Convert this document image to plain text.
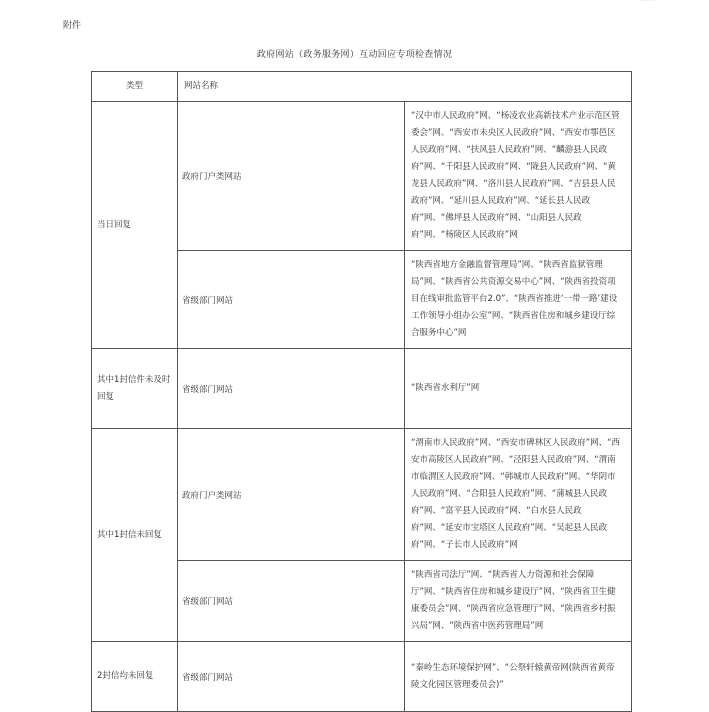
附件
政府网站（政务服务网）互动回应专项检查情况
类型	网站名称	
当日回复	政府门户类网站	“汉中市人民政府”网、“杨凌农业高新技术产业示范区管委会”网、“西安市未央区人民政府”网、“西安市鄠邑区人民政府”网、“扶风县人民政府”网、“麟游县人民政府”网、“千阳县人民政府”网、“陇县人民政府”网、“黄龙县人民政府”网、“洛川县人民政府”网、“吉县县人民政府”网、“延川县人民政府”网、“延长县人民政府”网、“佛坪县人民政府”网、“山阳县人民政府”网、“杨陵区人民政府”网
	省级部门网站	“陕西省地方金融监督管理局”网、“陕西省监狱管理局”网、“陕西省公共资源交易中心”网、“陕西省投资项目在线审批监管平台2.0”、“陕西省推进‘一带一路’建设工作领导小组办公室”网、“陕西省住房和城乡建设厅综合服务中心”网
其中1封信件未及时回复	省级部门网站	“陕西省水利厅”网
其中1封信未回复	政府门户类网站	“渭南市人民政府”网、“西安市碑林区人民政府”网、“西安市高陵区人民政府”网、“泾阳县人民政府”网、“渭南市临渭区人民政府”网、“韩城市人民政府”网、“华阴市人民政府”网、“合阳县人民政府”网、“蒲城县人民政府”网、“富平县人民政府”网、“白水县人民政府”网、“延安市宝塔区人民政府”网、“吴起县人民政府”网、“子长市人民政府”网
	省级部门网站	“陕西省司法厅”网、“陕西省人力资源和社会保障厅”网、“陕西省住房和城乡建设厅”网、“陕西省卫生健康委员会”网、“陕西省应急管理厅”网、“陕西省乡村振兴局”网、“陕西省中医药管理局”网
2封信均未回复	省级部门网站	“秦岭生态环境保护网”、“公祭轩辕黄帝网(陕西省黄帝陵文化园区管理委员会)”
